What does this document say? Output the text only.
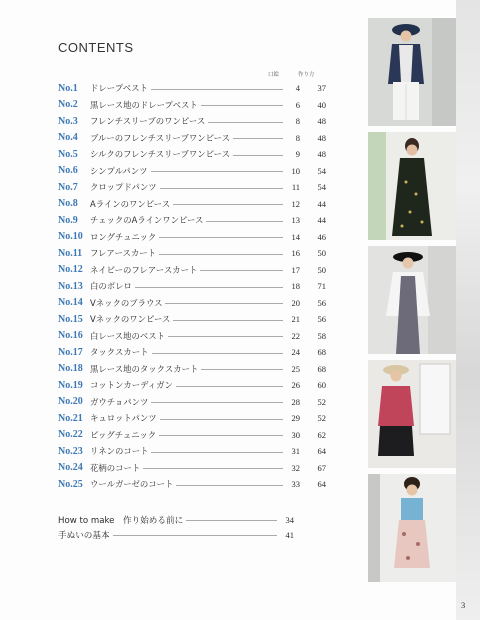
CONTENTS
口絵	作り方
No.1	ドレープベスト	4	37
No.2	黒レース地のドレープベスト	6	40
No.3	フレンチスリーブのワンピース	8	48
No.4	ブルーのフレンチスリーブワンピース	8	48
No.5	シルクのフレンチスリーブワンピース	9	48
No.6	シンプルパンツ	10	54
No.7	クロップドパンツ	11	54
No.8	Aラインのワンピース	12	44
No.9	チェックのAラインワンピース	13	44
No.10 ロングチュニック	14	46
No.11 フレアースカート	16	50
No.12 ネイビーのフレアースカート	17	50
No.13 白のボレロ	18	71
No.14 Vネックのブラウス	20	56
No.15 Vネックのワンピース	21	56
No.16 白レース地のベスト	22	58
No.17 タックスカート	24	68
No.18 黒レース地のタックスカート	25	68
No.19 コットンカーディガン	26	60
No.20 ガウチョパンツ	28	52
No.21 キュロットパンツ	29	52
No.22 ビッグチュニック	30	62
No.23 リネンのコート	31	64
No.24 花柄のコート	32	67
No.25 ウールガーゼのコート	33	64
How to make　作り始める前に	34
手ぬいの基本	41
3
